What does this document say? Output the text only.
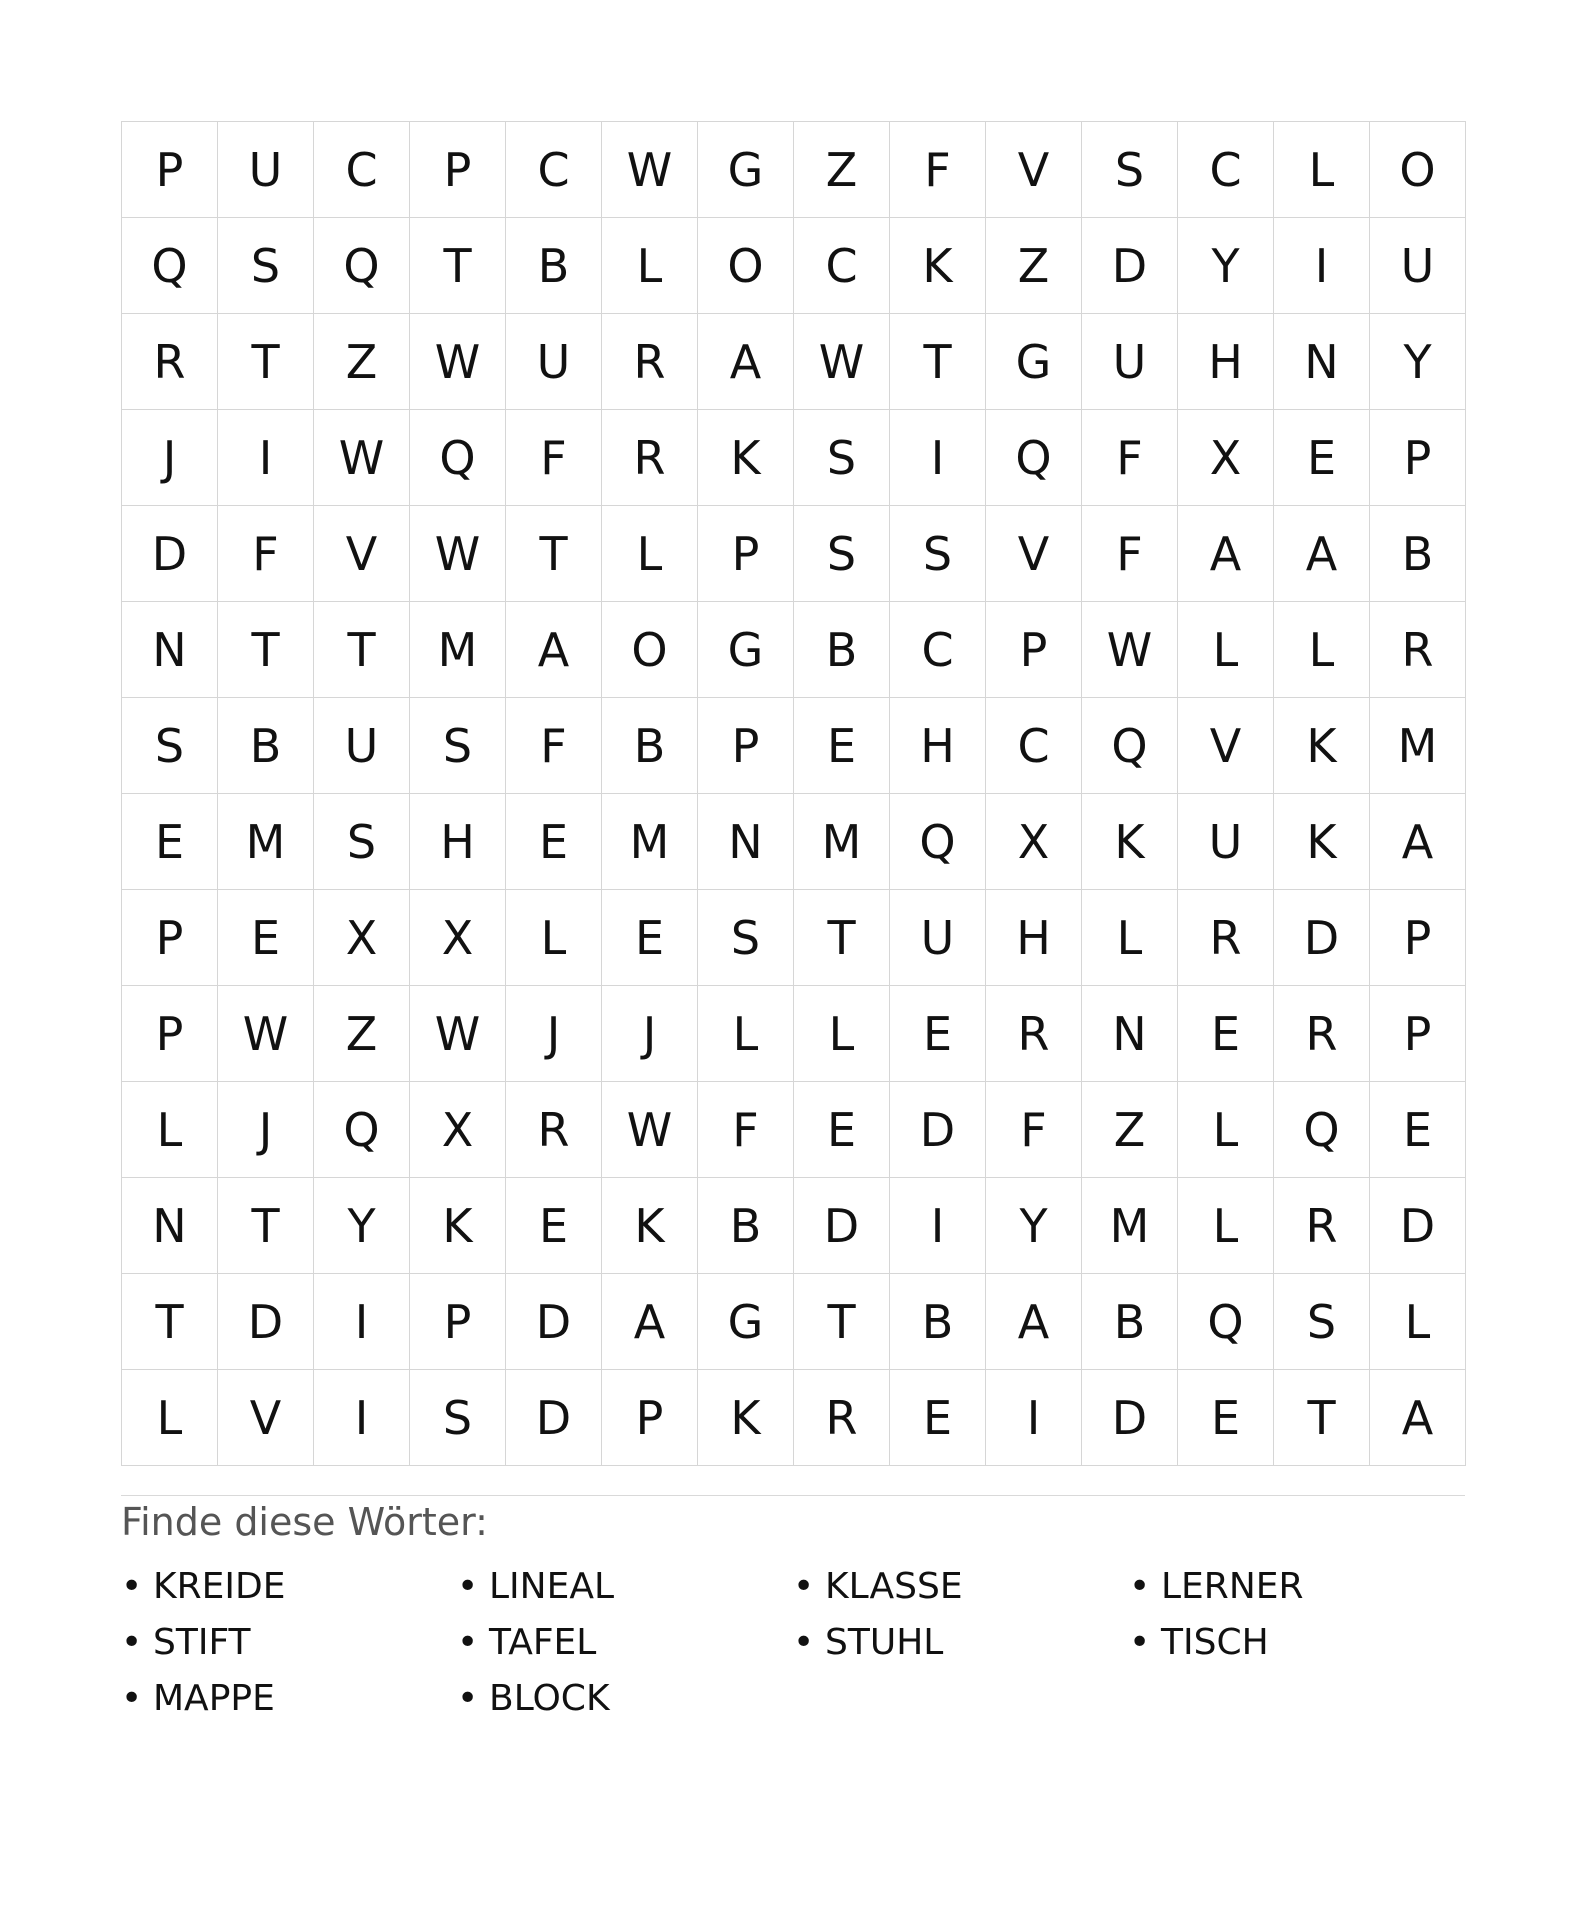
P	U	C	P	C	W	G	Z	F	V	S	C	L	O
Q	S	Q	T	B	L	O	C	K	Z	D	Y	I	U
R	T	Z	W	U	R	A	W	T	G	U	H	N	Y
J	I	W	Q	F	R	K	S	I	Q	F	X	E	P
D	F	V	W	T	L	P	S	S	V	F	A	A	B
N	T	T	M	A	O	G	B	C	P	W	L	L	R
S	B	U	S	F	B	P	E	H	C	Q	V	K	M
E	M	S	H	E	M	N	M	Q	X	K	U	K	A
P	E	X	X	L	E	S	T	U	H	L	R	D	P
P	W	Z	W	J	J	L	L	E	R	N	E	R	P
L	J	Q	X	R	W	F	E	D	F	Z	L	Q	E
N	T	Y	K	E	K	B	D	I	Y	M	L	R	D
T	D	I	P	D	A	G	T	B	A	B	Q	S	L
L	V	I	S	D	P	K	R	E	I	D	E	T	A
Finde diese Wörter:
• KREIDE	• LINEAL	• KLASSE	• LERNER
• STIFT	• TAFEL	• STUHL	• TISCH
• MAPPE	• BLOCK
